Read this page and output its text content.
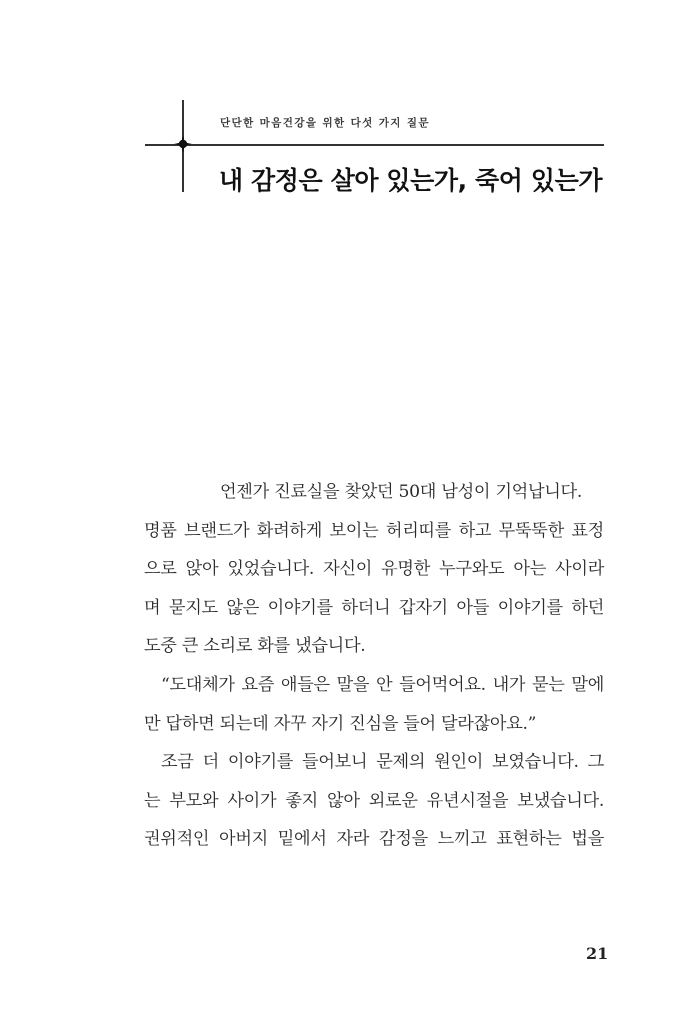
단단한 마음건강을 위한 다섯 가지 질문
내 감정은 살아 있는가, 죽어 있는가
언젠가 진료실을 찾았던 50대 남성이 기억납니다.
명품 브랜드가 화려하게 보이는 허리띠를 하고 무뚝뚝한 표정
으로 앉아 있었습니다. 자신이 유명한 누구와도 아는 사이라
며 묻지도 않은 이야기를 하더니 갑자기 아들 이야기를 하던
도중 큰 소리로 화를 냈습니다.
“도대체가 요즘 애들은 말을 안 들어먹어요. 내가 묻는 말에
만 답하면 되는데 자꾸 자기 진심을 들어 달라잖아요.”
조금 더 이야기를 들어보니 문제의 원인이 보였습니다. 그
는 부모와 사이가 좋지 않아 외로운 유년시절을 보냈습니다.
권위적인 아버지 밑에서 자라 감정을 느끼고 표현하는 법을
21
